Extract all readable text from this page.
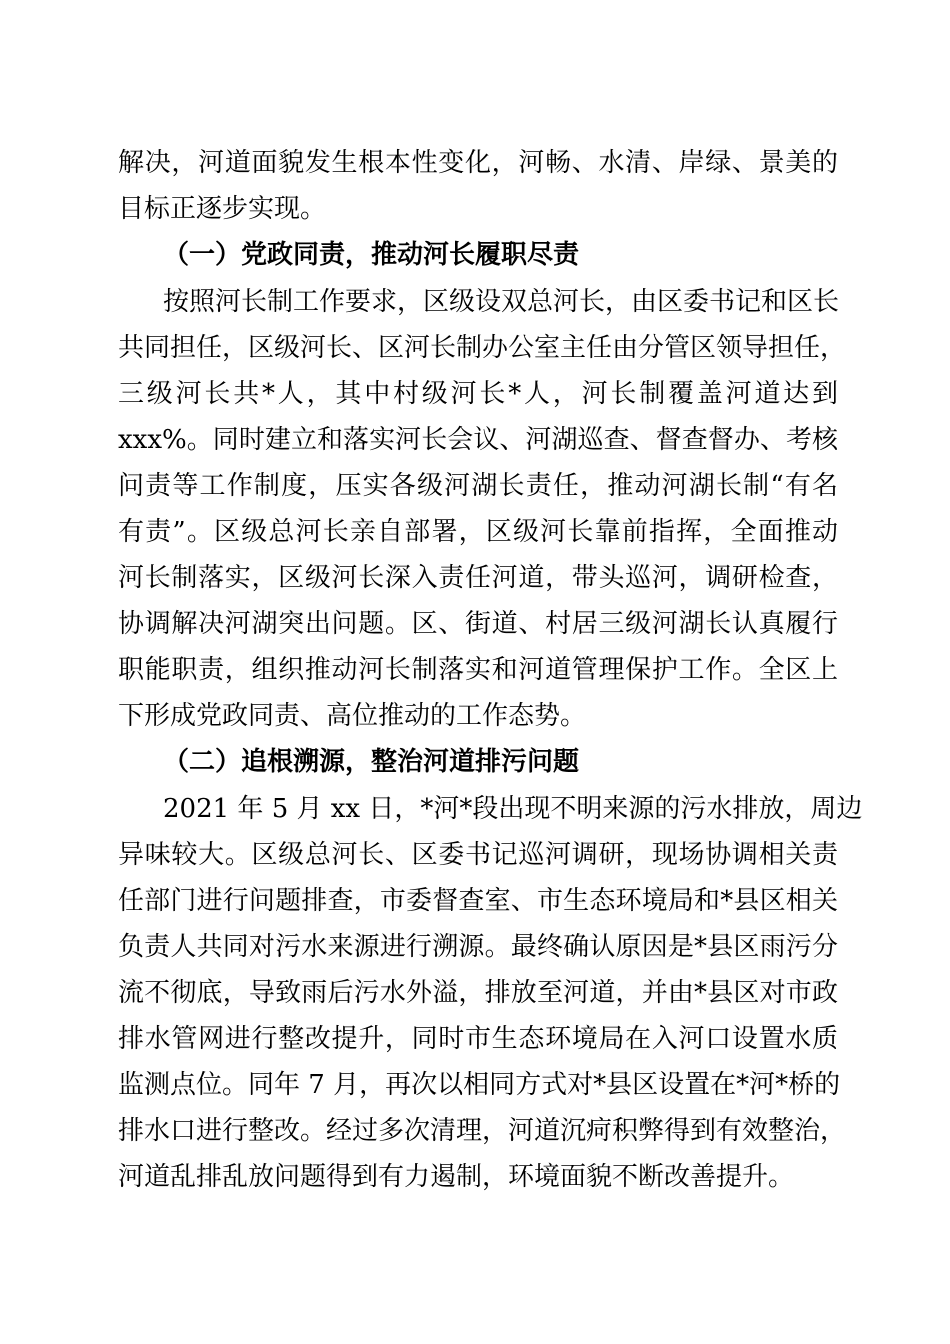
解决，河道面貌发生根本性变化，河畅、水清、岸绿、景美的
目标正逐步实现。
（一）党政同责，推动河长履职尽责
按照河长制工作要求，区级设双总河长，由区委书记和区长
共同担任，区级河长、区河长制办公室主任由分管区领导担任，
三级河长共*人，其中村级河长*人，河长制覆盖河道达到
xxx%。同时建立和落实河长会议、河湖巡查、督查督办、考核
问责等工作制度，压实各级河湖长责任，推动河湖长制“有名
有责”。区级总河长亲自部署，区级河长靠前指挥，全面推动
河长制落实，区级河长深入责任河道，带头巡河，调研检查，
协调解决河湖突出问题。区、街道、村居三级河湖长认真履行
职能职责，组织推动河长制落实和河道管理保护工作。全区上
下形成党政同责、高位推动的工作态势。
（二）追根溯源，整治河道排污问题
2021 年 5 月 xx 日，*河*段出现不明来源的污水排放，周边
异味较大。区级总河长、区委书记巡河调研，现场协调相关责
任部门进行问题排查，市委督查室、市生态环境局和*县区相关
负责人共同对污水来源进行溯源。最终确认原因是*县区雨污分
流不彻底，导致雨后污水外溢，排放至河道，并由*县区对市政
排水管网进行整改提升，同时市生态环境局在入河口设置水质
监测点位。同年 7 月，再次以相同方式对*县区设置在*河*桥的
排水口进行整改。经过多次清理，河道沉疴积弊得到有效整治，
河道乱排乱放问题得到有力遏制，环境面貌不断改善提升。
